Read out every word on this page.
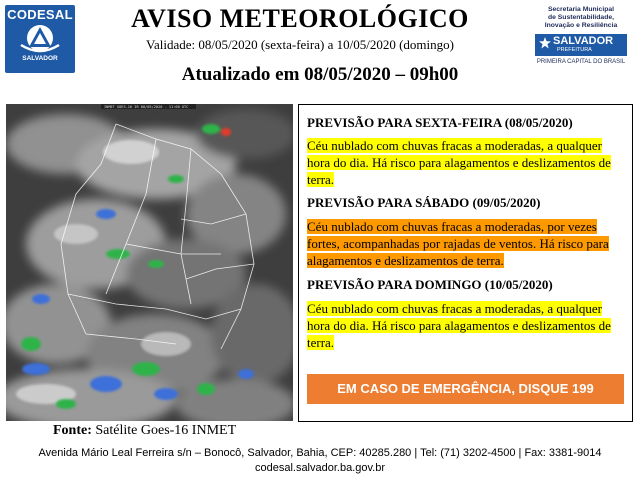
CODESAL
SALVADOR
AVISO METEOROLÓGICO
Validade: 08/05/2020 (sexta-feira) a 10/05/2020 (domingo)
Atualizado em 08/05/2020 – 09h00
Secretaria Municipal
de Sustentabilidade,
Inovação e Resiliência
SALVADOR
PREFEITURA
PRIMEIRA CAPITAL DO BRASIL
INMET GOES-16 IR 08/05/2020 - 11:00 UTC
Fonte: Satélite Goes-16 INMET
PREVISÃO PARA SEXTA-FEIRA (08/05/2020)
Céu nublado com chuvas fracas a moderadas, a qualquer hora do dia. Há risco para alagamentos e deslizamentos de terra.
PREVISÃO PARA SÁBADO (09/05/2020)
Céu nublado com chuvas fracas a moderadas, por vezes fortes, acompanhadas por rajadas de ventos. Há risco para alagamentos e deslizamentos de terra.
PREVISÃO PARA DOMINGO (10/05/2020)
Céu nublado com chuvas fracas a moderadas, a qualquer hora do dia. Há risco para alagamentos e deslizamentos de terra.
EM CASO DE EMERGÊNCIA, DISQUE 199
Avenida Mário Leal Ferreira s/n – Bonocô, Salvador, Bahia, CEP: 40285.280 | Tel: (71) 3202-4500 | Fax: 3381-9014
codesal.salvador.ba.gov.br
